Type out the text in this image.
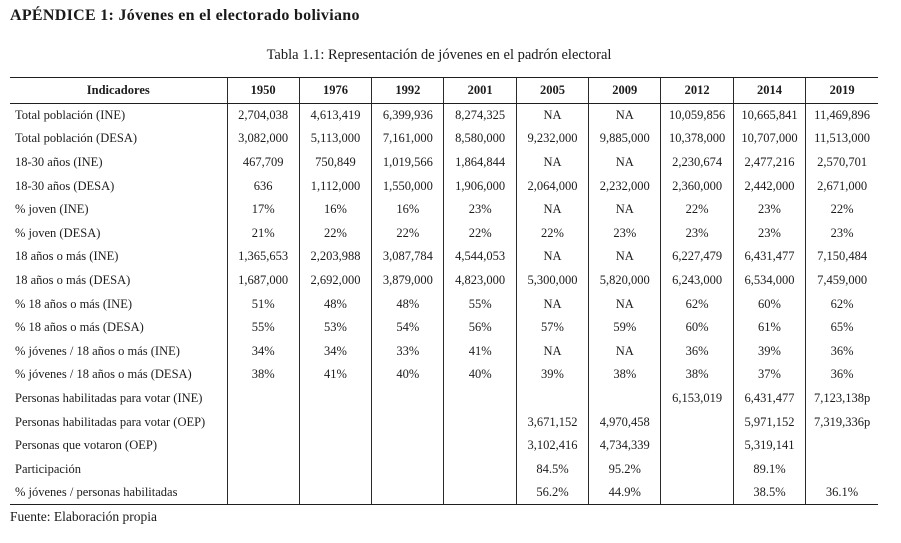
APÉNDICE 1: Jóvenes en el electorado boliviano
Tabla 1.1: Representación de jóvenes en el padrón electoral
Indicadores	1950	1976	1992	2001	2005	2009	2012	2014	2019
Total población (INE)	2,704,038	4,613,419	6,399,936	8,274,325	NA	NA	10,059,856	10,665,841	11,469,896
Total población (DESA)	3,082,000	5,113,000	7,161,000	8,580,000	9,232,000	9,885,000	10,378,000	10,707,000	11,513,000
18-30 años (INE)	467,709	750,849	1,019,566	1,864,844	NA	NA	2,230,674	2,477,216	2,570,701
18-30 años (DESA)	636	1,112,000	1,550,000	1,906,000	2,064,000	2,232,000	2,360,000	2,442,000	2,671,000
% joven (INE)	17%	16%	16%	23%	NA	NA	22%	23%	22%
% joven (DESA)	21%	22%	22%	22%	22%	23%	23%	23%	23%
18 años o más (INE)	1,365,653	2,203,988	3,087,784	4,544,053	NA	NA	6,227,479	6,431,477	7,150,484
18 años o más (DESA)	1,687,000	2,692,000	3,879,000	4,823,000	5,300,000	5,820,000	6,243,000	6,534,000	7,459,000
% 18 años o más (INE)	51%	48%	48%	55%	NA	NA	62%	60%	62%
% 18 años o más (DESA)	55%	53%	54%	56%	57%	59%	60%	61%	65%
% jóvenes / 18 años o más (INE)	34%	34%	33%	41%	NA	NA	36%	39%	36%
% jóvenes / 18 años o más (DESA)	38%	41%	40%	40%	39%	38%	38%	37%	36%
Personas habilitadas para votar (INE)							6,153,019	6,431,477	7,123,138p
Personas habilitadas para votar (OEP)					3,671,152	4,970,458		5,971,152	7,319,336p
Personas que votaron (OEP)					3,102,416	4,734,339		5,319,141	
Participación					84.5%	95.2%		89.1%	
% jóvenes / personas habilitadas					56.2%	44.9%		38.5%	36.1%
Fuente: Elaboración propia
